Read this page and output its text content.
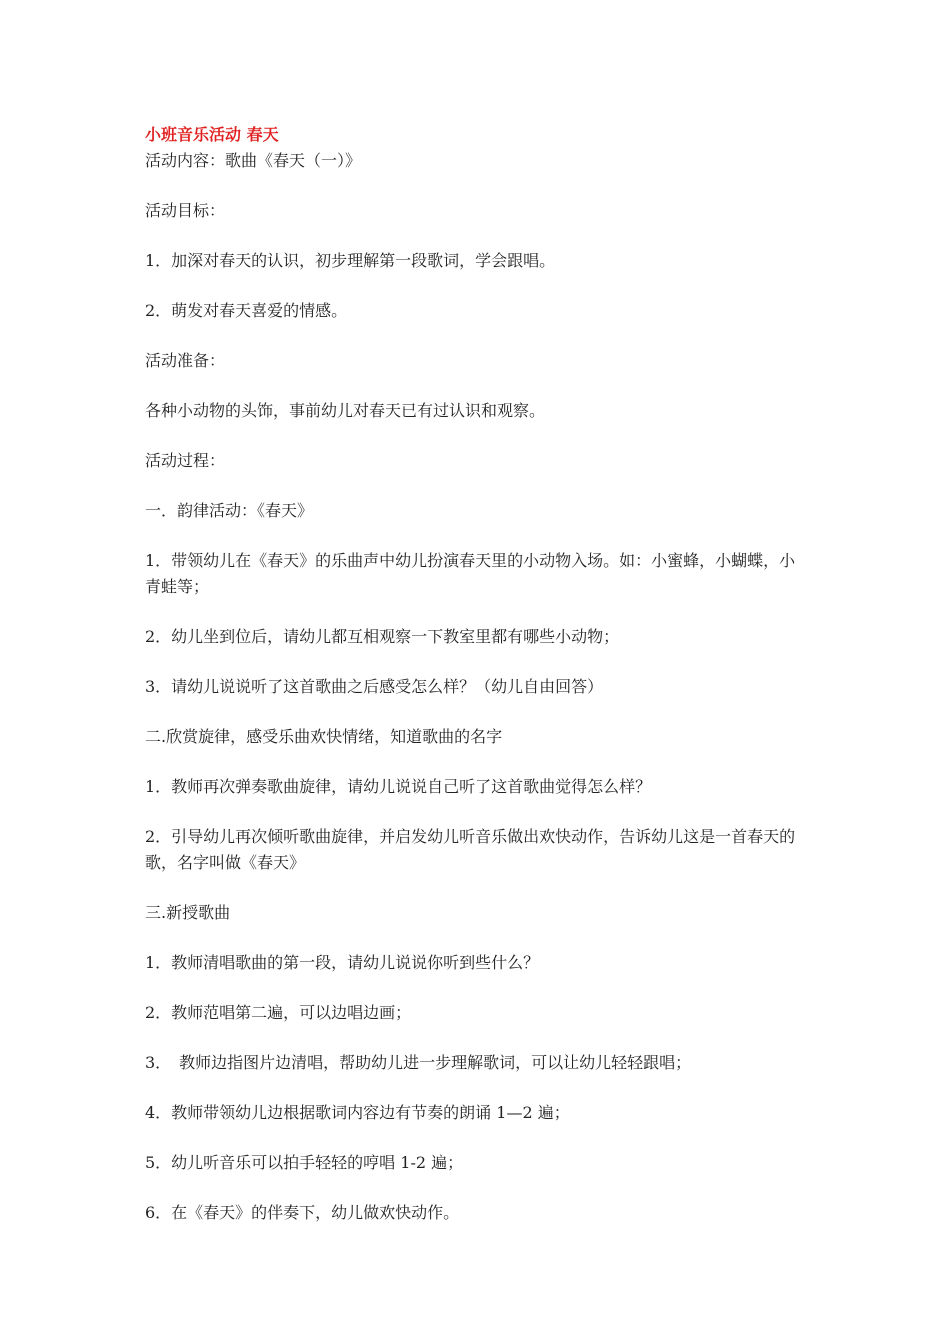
小班音乐活动 春天

活动内容：歌曲《春天（一）》

活动目标：

1．加深对春天的认识，初步理解第一段歌词，学会跟唱。

2．萌发对春天喜爱的情感。

活动准备：

各种小动物的头饰，事前幼儿对春天已有过认识和观察。

活动过程：

一．韵律活动：《春天》

1．带领幼儿在《春天》的乐曲声中幼儿扮演春天里的小动物入场。如：小蜜蜂，小蝴蝶，小青蛙等；

2．幼儿坐到位后，请幼儿都互相观察一下教室里都有哪些小动物；

3．请幼儿说说听了这首歌曲之后感受怎么样？（幼儿自由回答）

二.欣赏旋律，感受乐曲欢快情绪，知道歌曲的名字

1．教师再次弹奏歌曲旋律，请幼儿说说自己听了这首歌曲觉得怎么样？

2．引导幼儿再次倾听歌曲旋律，并启发幼儿听音乐做出欢快动作，告诉幼儿这是一首春天的歌，名字叫做《春天》

三.新授歌曲

1．教师清唱歌曲的第一段，请幼儿说说你听到些什么？

2．教师范唱第二遍，可以边唱边画；

3．　教师边指图片边清唱，帮助幼儿进一步理解歌词，可以让幼儿轻轻跟唱；

4．教师带领幼儿边根据歌词内容边有节奏的朗诵 1—2 遍；

5．幼儿听音乐可以拍手轻轻的哼唱 1-2 遍；

6．在《春天》的伴奏下，幼儿做欢快动作。
